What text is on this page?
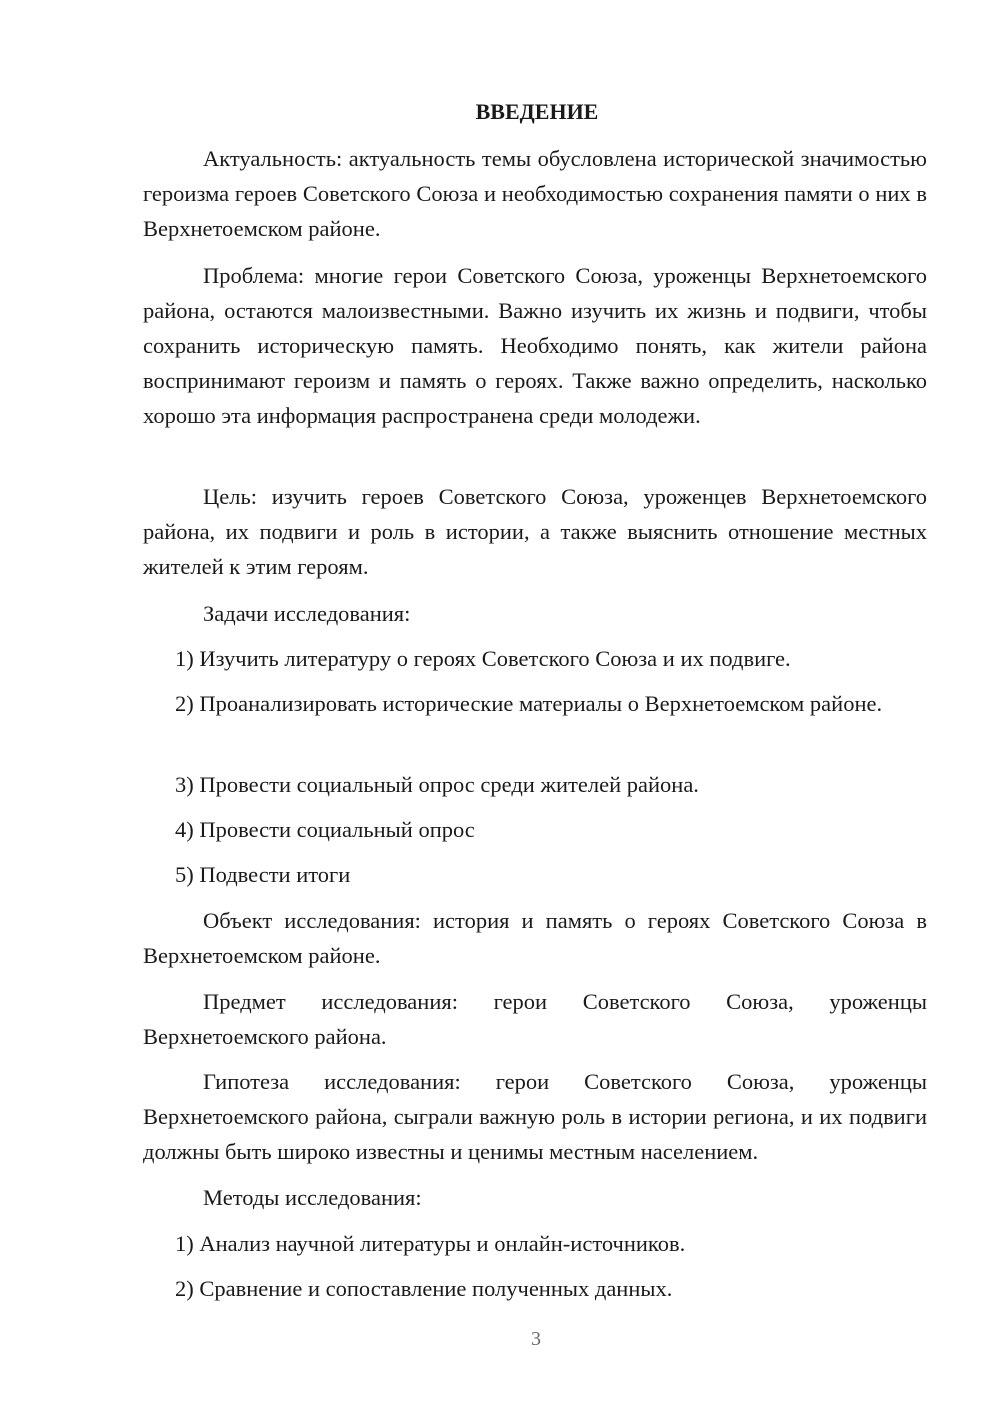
ВВЕДЕНИЕ

Актуальность: актуальность темы обусловлена исторической значимостью героизма героев Советского Союза и необходимостью сохранения памяти о них в Верхнетоемском районе.

Проблема: многие герои Советского Союза, уроженцы Верхнетоемского района, остаются малоизвестными. Важно изучить их жизнь и подвиги, чтобы сохранить историческую память. Необходимо понять, как жители района воспринимают героизм и память о героях. Также важно определить, насколько хорошо эта информация распространена среди молодежи.

Цель: изучить героев Советского Союза, уроженцев Верхнетоемского района, их подвиги и роль в истории, а также выяснить отношение местных жителей к этим героям.

Задачи исследования:

1) Изучить литературу о героях Советского Союза и их подвиге.

2) Проанализировать исторические материалы о Верхнетоемском районе.

3) Провести социальный опрос среди жителей района.

4) Провести социальный опрос

5) Подвести итоги

Объект исследования: история и память о героях Советского Союза в Верхнетоемском районе.

Предмет исследования: герои Советского Союза, уроженцы Верхнетоемского района.

Гипотеза исследования: герои Советского Союза, уроженцы Верхнетоемского района, сыграли важную роль в истории региона, и их подвиги должны быть широко известны и ценимы местным населением.

Методы исследования:

1) Анализ научной литературы и онлайн-источников.

2) Сравнение и сопоставление полученных данных.

3
